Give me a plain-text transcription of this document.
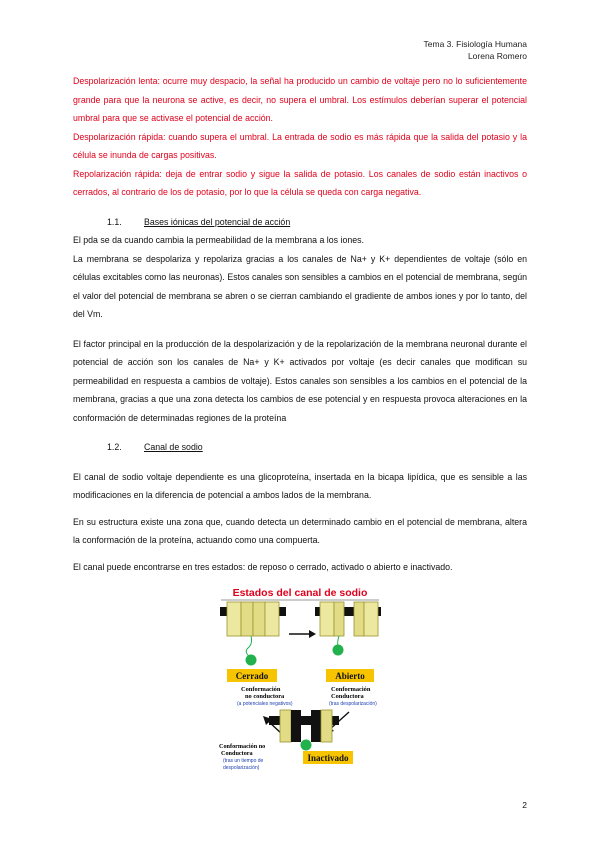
Tema 3. Fisiología Humana
Lorena Romero

Despolarización lenta: ocurre muy despacio, la señal ha producido un cambio de voltaje pero no lo suficientemente grande para que la neurona se active, es decir, no supera el umbral. Los estímulos deberían superar el potencial umbral para que se activase el potencial de acción.

Despolarización rápida: cuando supera el umbral. La entrada de sodio es más rápida que la salida del potasio y la célula se inunda de cargas positivas.

Repolarización rápida: deja de entrar sodio y sigue la salida de potasio. Los canales de sodio están inactivos o cerrados, al contrario de los de potasio, por lo que la célula se queda con carga negativa.

1.1.	Bases iónicas del potencial de acción

El pda se da cuando cambia la permeabilidad de la membrana a los iones.

La membrana se despolariza y repolariza gracias a los canales de Na+ y K+ dependientes de voltaje (sólo en células excitables como las neuronas). Estos canales son sensibles a cambios en el potencial de membrana, según el valor del potencial de membrana se abren o se cierran cambiando el gradiente de ambos iones y por lo tanto, del del Vm.

El factor principal en la producción de la despolarización y de la repolarización de la membrana neuronal durante el potencial de acción son los canales de Na+ y K+ activados por voltaje (es decir canales que modifican su permeabilidad en respuesta a cambios de voltaje). Estos canales son sensibles a los cambios en el potencial de la membrana, gracias a que una zona detecta los cambios de ese potencial y en respuesta provoca alteraciones en la conformación de determinadas regiones de la proteína

1.2.	Canal de sodio

El canal de sodio voltaje dependiente es una glicoproteína, insertada en la bicapa lipídica, que es sensible a las modificaciones en la diferencia de potencial a ambos lados de la membrana.

En su estructura existe una zona que, cuando detecta un determinado cambio en el potencial de membrana, altera la conformación de la proteína, actuando como una compuerta.

El canal puede encontrarse en tres estados: de reposo o cerrado, activado o abierto e inactivado.

Estados del canal de sodio
Cerrado
Conformación
no conductora
(a potenciales negativos)
Abierto
Conformación
Conductora
(tras despolarización)
Inactivado
Conformación no
Conductora
(tras un tiempo de
despolarización)
2
